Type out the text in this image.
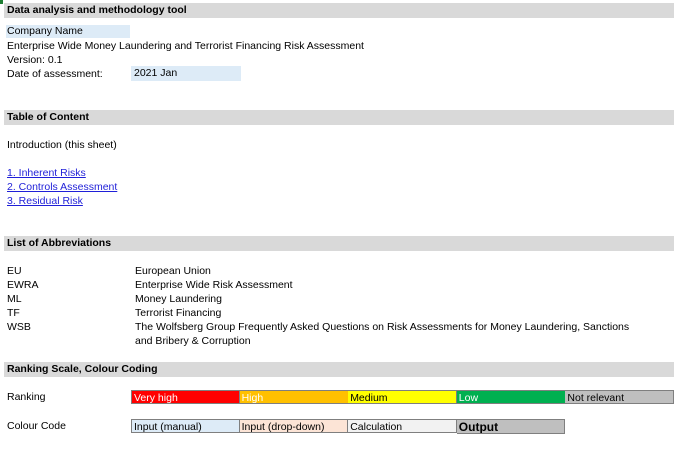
Data analysis and methodology tool
Company Name
Enterprise Wide Money Laundering and Terrorist Financing Risk Assessment
Version: 0.1
Date of assessment:	2021 Jan
Table of Content
Introduction (this sheet)
1. Inherent Risks
2. Controls Assessment
3. Residual Risk
List of Abbreviations
EU	European Union
EWRA	Enterprise Wide Risk Assessment
ML	Money Laundering
TF	Terrorist Financing
WSB	The Wolfsberg Group Frequently Asked Questions on Risk Assessments for Money Laundering, Sanctions
and Bribery & Corruption
Ranking Scale, Colour Coding
Ranking	Very high	High	Medium	Low	Not relevant
Colour Code	Input (manual)	Input (drop-down)	Calculation	Output
